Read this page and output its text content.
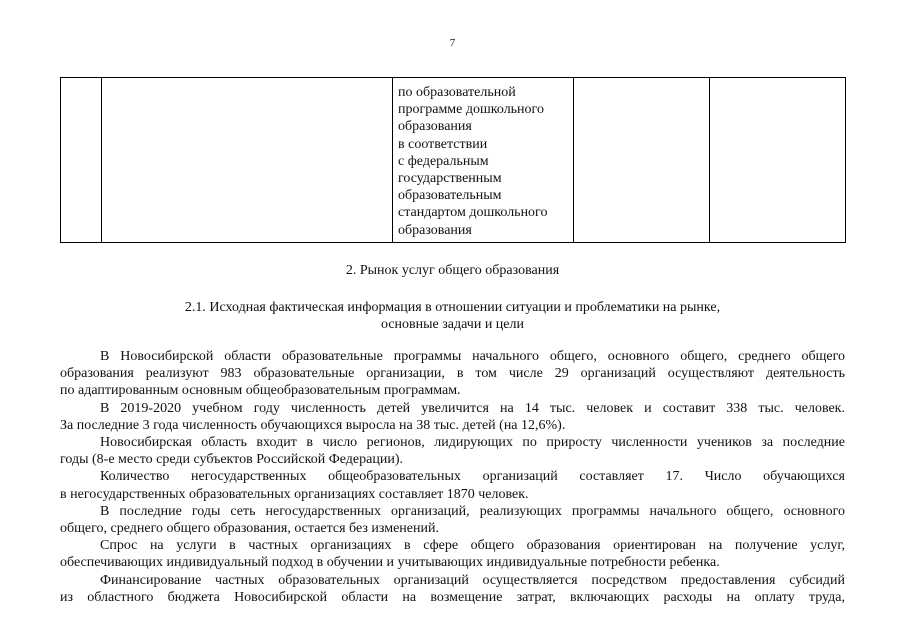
7

по образовательной
программе дошкольного
образования
в соответствии
с федеральным
государственным
образовательным
стандартом дошкольного
образования

2. Рынок услуг общего образования
2.1. Исходная фактическая информация в отношении ситуации и проблематики на рынке,
основные задачи и цели
В Новосибирской области образовательные программы начального общего, основного общего, среднего общего
образования реализуют 983 образовательные организации, в том числе 29 организаций осуществляют деятельность
по адаптированным основным общеобразовательным программам.
В 2019-2020 учебном году численность детей увеличится на 14 тыс. человек и составит 338 тыс. человек.
За последние 3 года численность обучающихся выросла на 38 тыс. детей (на 12,6%).
Новосибирская область входит в число регионов, лидирующих по приросту численности учеников за последние
годы (8-е место среди субъектов Российской Федерации).
Количество негосударственных общеобразовательных организаций составляет 17. Число обучающихся
в негосударственных образовательных организациях составляет 1870 человек.
В последние годы сеть негосударственных организаций, реализующих программы начального общего, основного
общего, среднего общего образования, остается без изменений.
Спрос на услуги в частных организациях в сфере общего образования ориентирован на получение услуг,
обеспечивающих индивидуальный подход в обучении и учитывающих индивидуальные потребности ребенка.
Финансирование частных образовательных организаций осуществляется посредством предоставления субсидий
из областного бюджета Новосибирской области на возмещение затрат, включающих расходы на оплату труда,
